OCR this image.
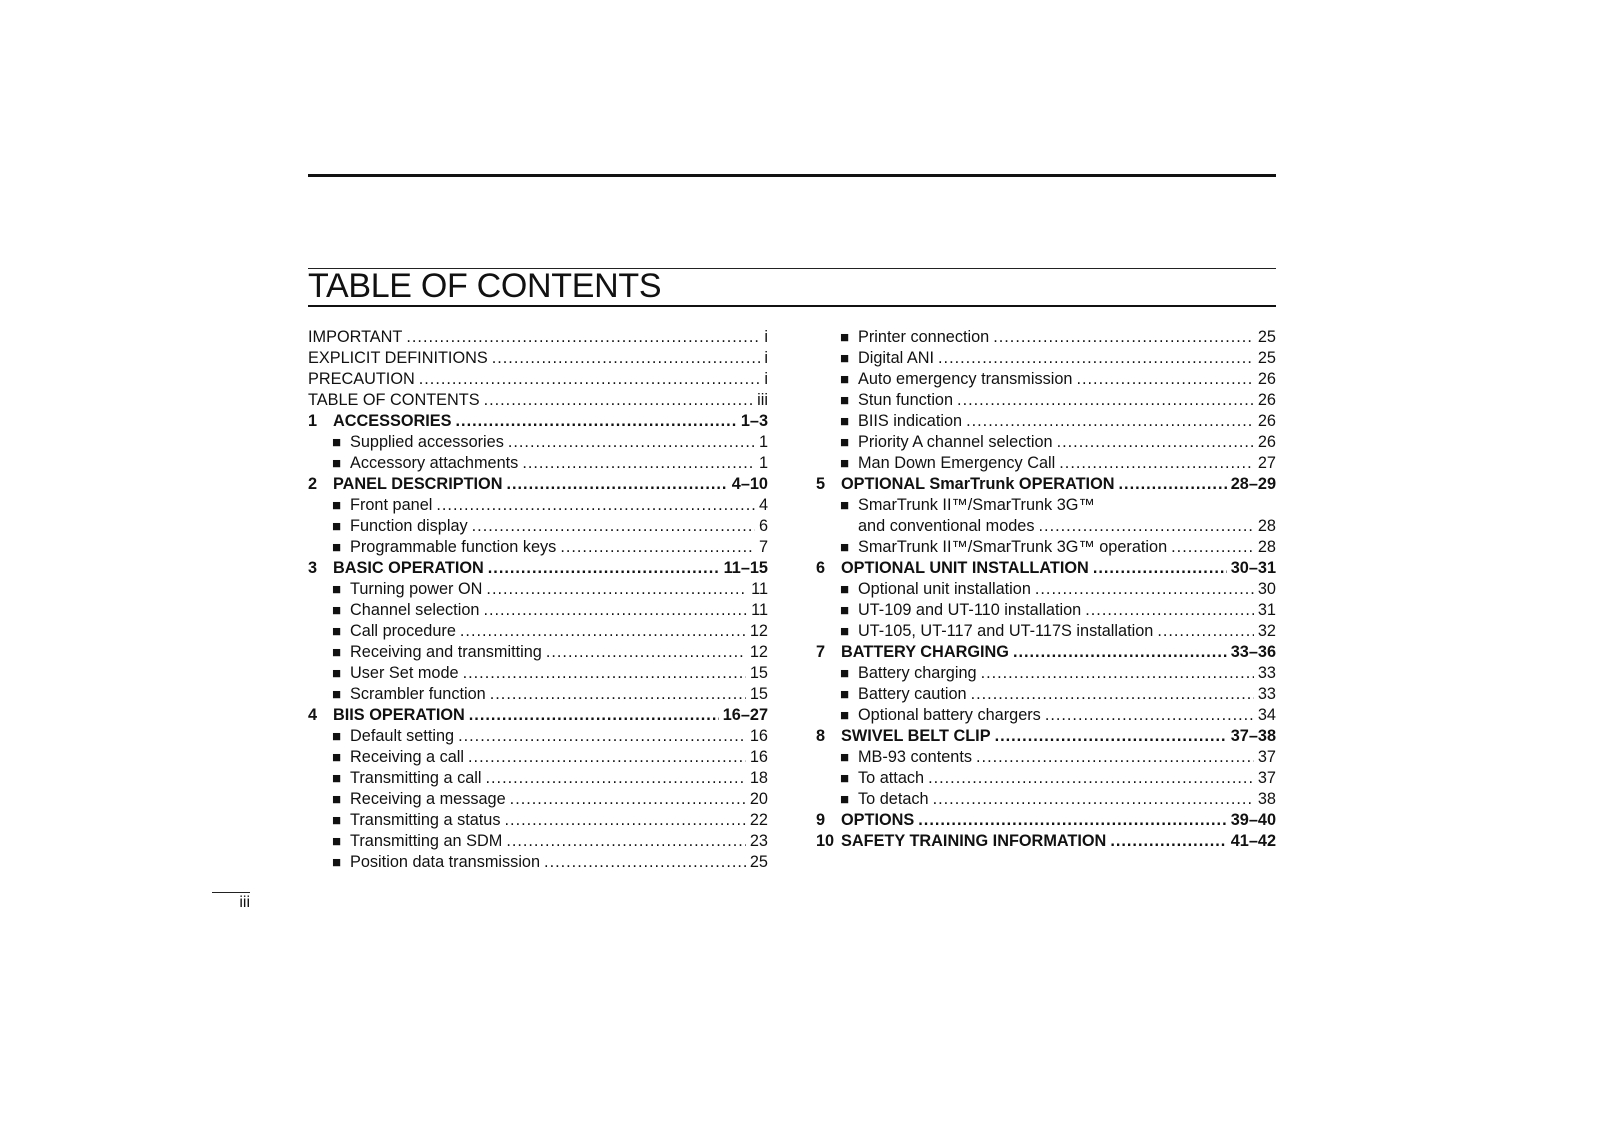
TABLE OF CONTENTS
IMPORTANT .....	i
EXPLICIT DEFINITIONS .....	i
PRECAUTION .....	i
TABLE OF CONTENTS .....	iii
1 ACCESSORIES .....	1–3
■ Supplied accessories .....	1
■ Accessory attachments .....	1
2 PANEL DESCRIPTION .....	4–10
■ Front panel .....	4
■ Function display .....	6
■ Programmable function keys .....	7
3 BASIC OPERATION .....	11–15
■ Turning power ON .....	11
■ Channel selection .....	11
■ Call procedure .....	12
■ Receiving and transmitting .....	12
■ User Set mode .....	15
■ Scrambler function .....	15
4 BIIS OPERATION .....	16–27
■ Default setting .....	16
■ Receiving a call .....	16
■ Transmitting a call .....	18
■ Receiving a message .....	20
■ Transmitting a status .....	22
■ Transmitting an SDM .....	23
■ Position data transmission .....	25
■ Printer connection .....	25
■ Digital ANI .....	25
■ Auto emergency transmission .....	26
■ Stun function .....	26
■ BIIS indication .....	26
■ Priority A channel selection .....	26
■ Man Down Emergency Call .....	27
5 OPTIONAL SmarTrunk OPERATION .....	28–29
■ SmarTrunk II™/SmarTrunk 3G™
and conventional modes .....	28
■ SmarTrunk II™/SmarTrunk 3G™ operation .....	28
6 OPTIONAL UNIT INSTALLATION .....	30–31
■ Optional unit installation .....	30
■ UT-109 and UT-110 installation .....	31
■ UT-105, UT-117 and UT-117S installation .....	32
7 BATTERY CHARGING .....	33–36
■ Battery charging .....	33
■ Battery caution .....	33
■ Optional battery chargers .....	34
8 SWIVEL BELT CLIP .....	37–38
■ MB-93 contents .....	37
■ To attach .....	37
■ To detach .....	38
9 OPTIONS .....	39–40
10 SAFETY TRAINING INFORMATION .....	41–42
iii
